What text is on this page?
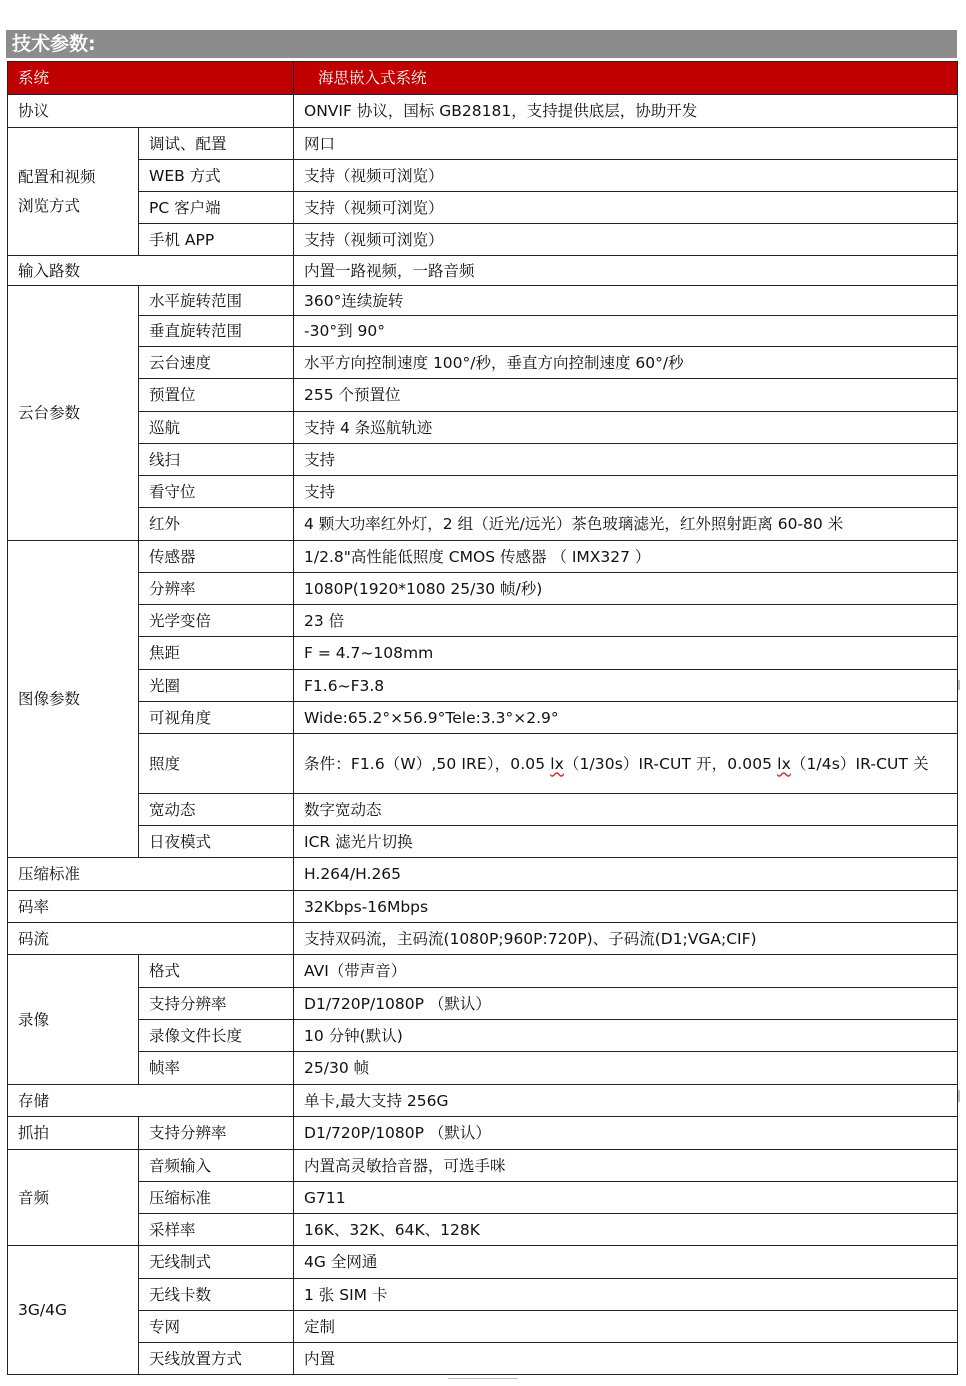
技术参数:
系统		海思嵌入式系统
协议		ONVIF 协议，国标 GB28181，支持提供底层，协助开发
配置和视频
浏览方式	调试、配置	网口
	WEB 方式	支持（视频可浏览）
	PC 客户端	支持（视频可浏览）
	手机 APP	支持（视频可浏览）
输入路数		内置一路视频，一路音频
云台参数	水平旋转范围	360°连续旋转
	垂直旋转范围	-30°到 90°
	云台速度	水平方向控制速度 100°/秒，垂直方向控制速度 60°/秒
	预置位	255 个预置位
	巡航	支持 4 条巡航轨迹
	线扫	支持
	看守位	支持
	红外	4 颗大功率红外灯，2 组（近光/远光）茶色玻璃滤光，红外照射距离 60-80 米
图像参数	传感器	1/2.8"高性能低照度 CMOS 传感器 （ IMX327 ）
	分辨率	1080P(1920*1080 25/30 帧/秒)
	光学变倍	23 倍
	焦距	F = 4.7~108mm
	光圈	F1.6~F3.8
	可视角度	Wide:65.2°×56.9°Tele:3.3°×2.9°
	照度	条件：F1.6（W）,50 IRE），0.05 lx（1/30s）IR-CUT 开，0.005 lx（1/4s）IR-CUT 关
	宽动态	数字宽动态
	日夜模式	ICR 滤光片切换
压缩标准		H.264/H.265
码率		32Kbps-16Mbps
码流		支持双码流，主码流(1080P;960P:720P)、子码流(D1;VGA;CIF)
录像	格式	AVI（带声音）
	支持分辨率	D1/720P/1080P （默认）
	录像文件长度	10 分钟(默认)
	帧率	25/30 帧
存储		单卡,最大支持 256G
抓拍	支持分辨率	D1/720P/1080P （默认）
音频	音频输入	内置高灵敏拾音器，可选手咪
	压缩标准	G711
	采样率	16K、32K、64K、128K
3G/4G	无线制式	4G 全网通
	无线卡数	1 张 SIM 卡
	专网	定制
	天线放置方式	内置
